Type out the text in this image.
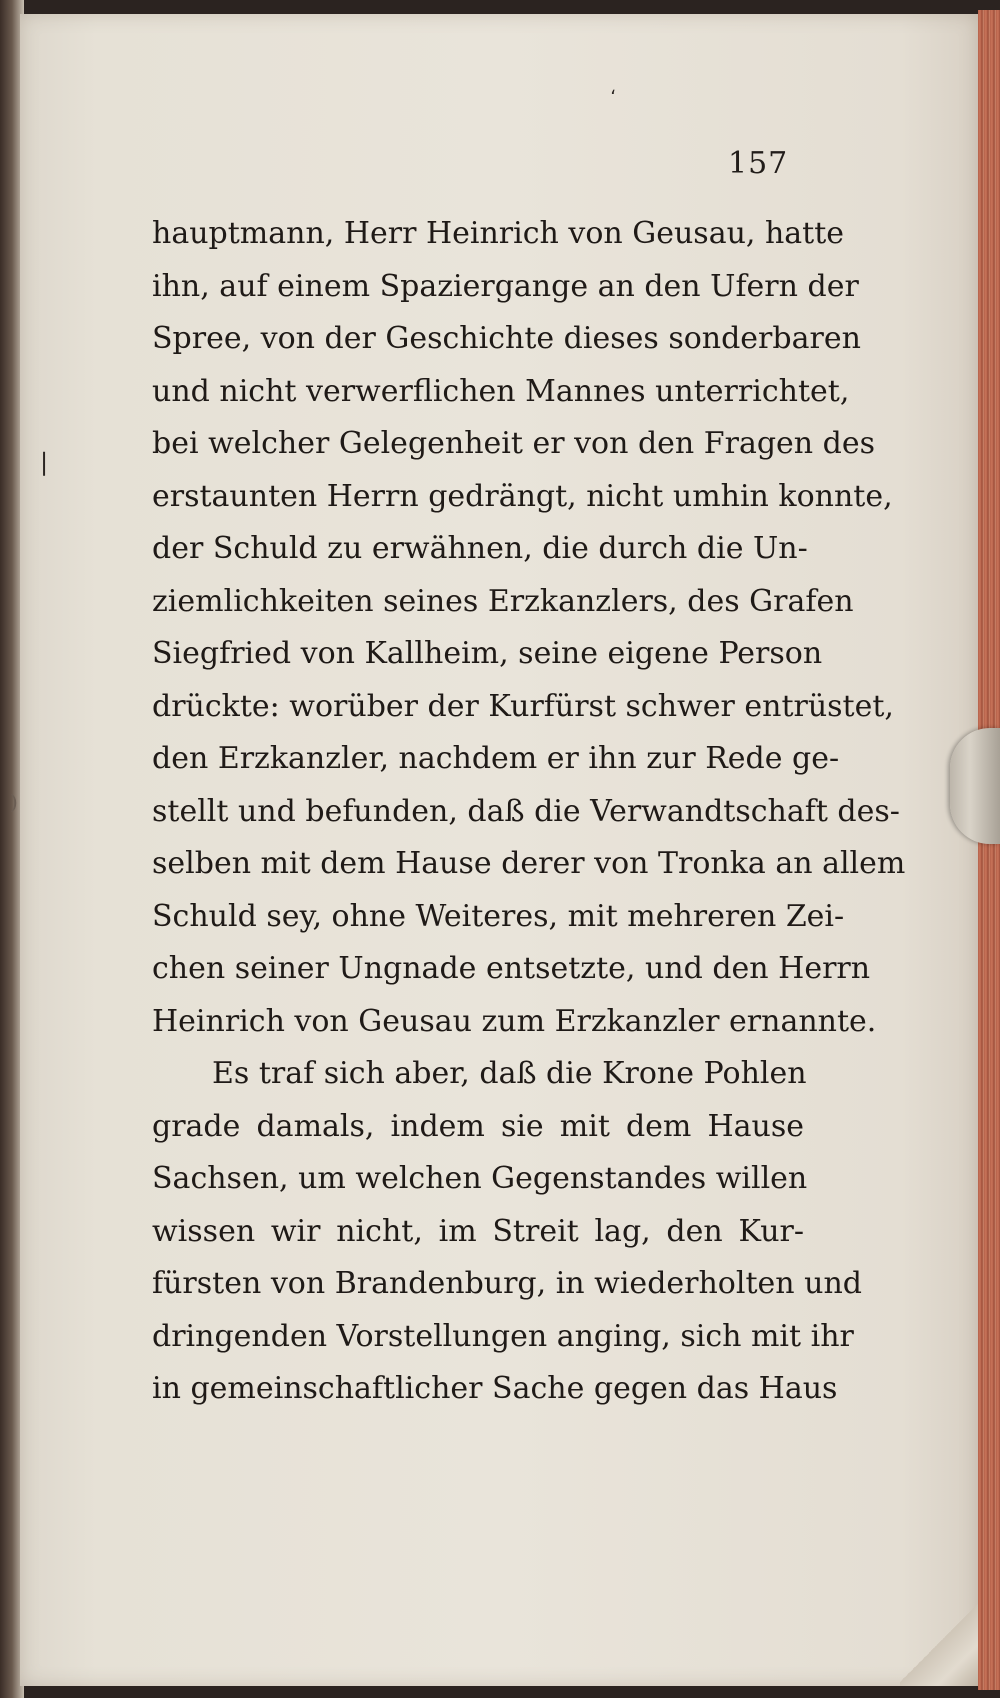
،
❘
)
157
hauptmann, Herr Heinrich von Geusau, hatte
ihn, auf einem Spaziergange an den Ufern der
Spree, von der Geschichte dieses sonderbaren
und nicht verwerflichen Mannes unterrichtet,
bei welcher Gelegenheit er von den Fragen des
erstaunten Herrn gedrängt, nicht umhin konnte,
der Schuld zu erwähnen, die durch die Un-
ziemlichkeiten seines Erzkanzlers, des Grafen
Siegfried von Kallheim, seine eigene Person
drückte: worüber der Kurfürst schwer entrüstet,
den Erzkanzler, nachdem er ihn zur Rede ge-
stellt und befunden, daß die Verwandtschaft des-
selben mit dem Hause derer von Tronka an allem
Schuld sey, ohne Weiteres, mit mehreren Zei-
chen seiner Ungnade entsetzte, und den Herrn
Heinrich von Geusau zum Erzkanzler ernannte.
Es traf sich aber, daß die Krone Pohlen
grade damals, indem sie mit dem Hause
Sachsen, um welchen Gegenstandes willen
wissen wir nicht, im Streit lag, den Kur-
fürsten von Brandenburg, in wiederholten und
dringenden Vorstellungen anging, sich mit ihr
in gemeinschaftlicher Sache gegen das Haus
